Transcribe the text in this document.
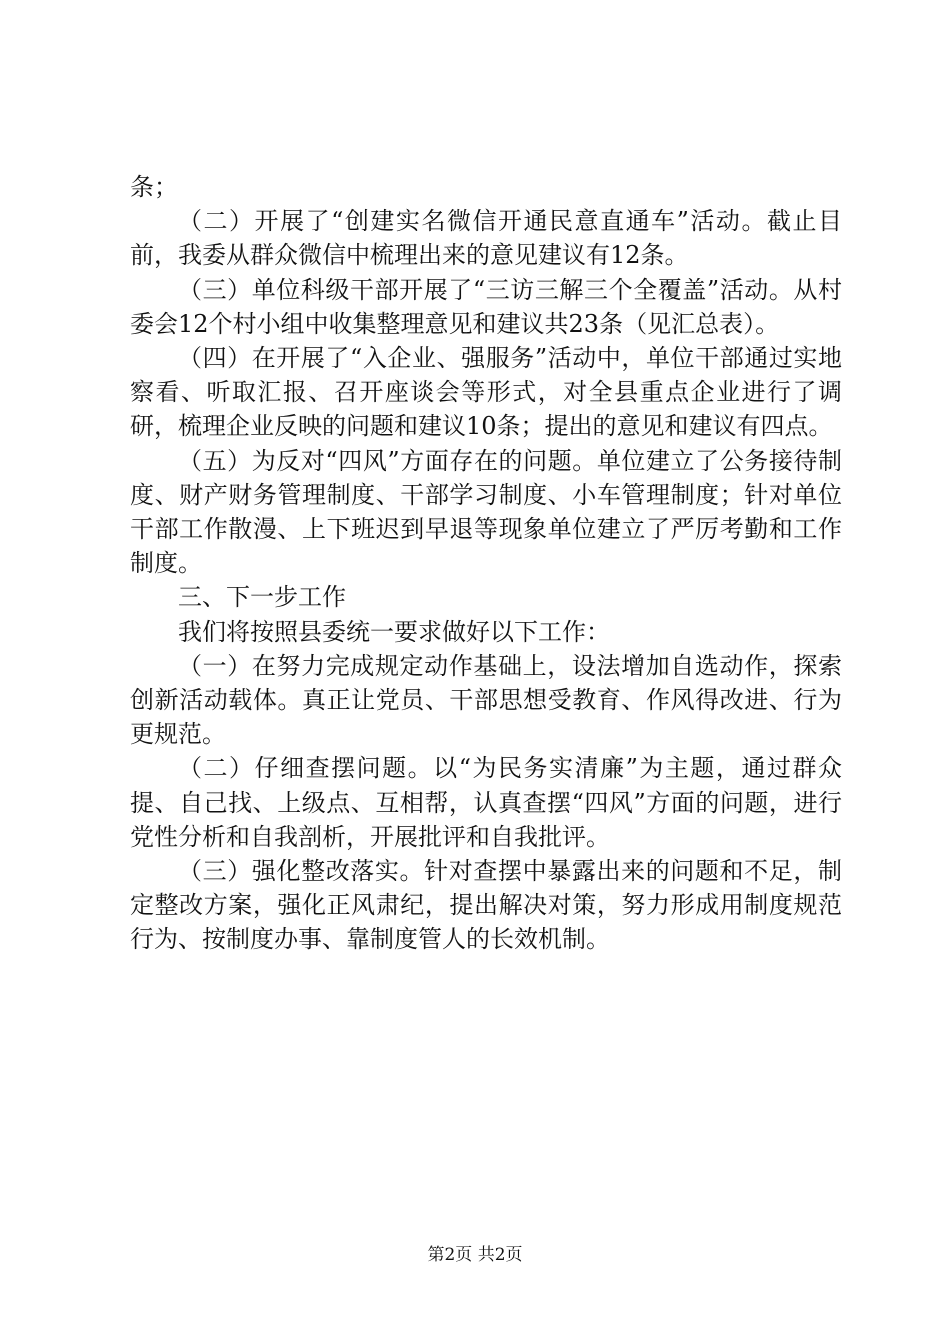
条；

（二）开展了“创建实名微信开通民意直通车”活动。截止目前，我委从群众微信中梳理出来的意见建议有12条。

（三）单位科级干部开展了“三访三解三个全覆盖”活动。从村委会12个村小组中收集整理意见和建议共23条（见汇总表）。

（四）在开展了“入企业、强服务”活动中，单位干部通过实地察看、听取汇报、召开座谈会等形式，对全县重点企业进行了调研，梳理企业反映的问题和建议10条；提出的意见和建议有四点。

（五）为反对“四风”方面存在的问题。单位建立了公务接待制度、财产财务管理制度、干部学习制度、小车管理制度；针对单位干部工作散漫、上下班迟到早退等现象单位建立了严厉考勤和工作制度。

三、下一步工作

我们将按照县委统一要求做好以下工作：

（一）在努力完成规定动作基础上，设法增加自选动作，探索创新活动载体。真正让党员、干部思想受教育、作风得改进、行为更规范。

（二）仔细查摆问题。以“为民务实清廉”为主题，通过群众提、自己找、上级点、互相帮，认真查摆“四风”方面的问题，进行党性分析和自我剖析，开展批评和自我批评。

（三）强化整改落实。针对查摆中暴露出来的问题和不足，制定整改方案，强化正风肃纪，提出解决对策，努力形成用制度规范行为、按制度办事、靠制度管人的长效机制。

第2页 共2页
